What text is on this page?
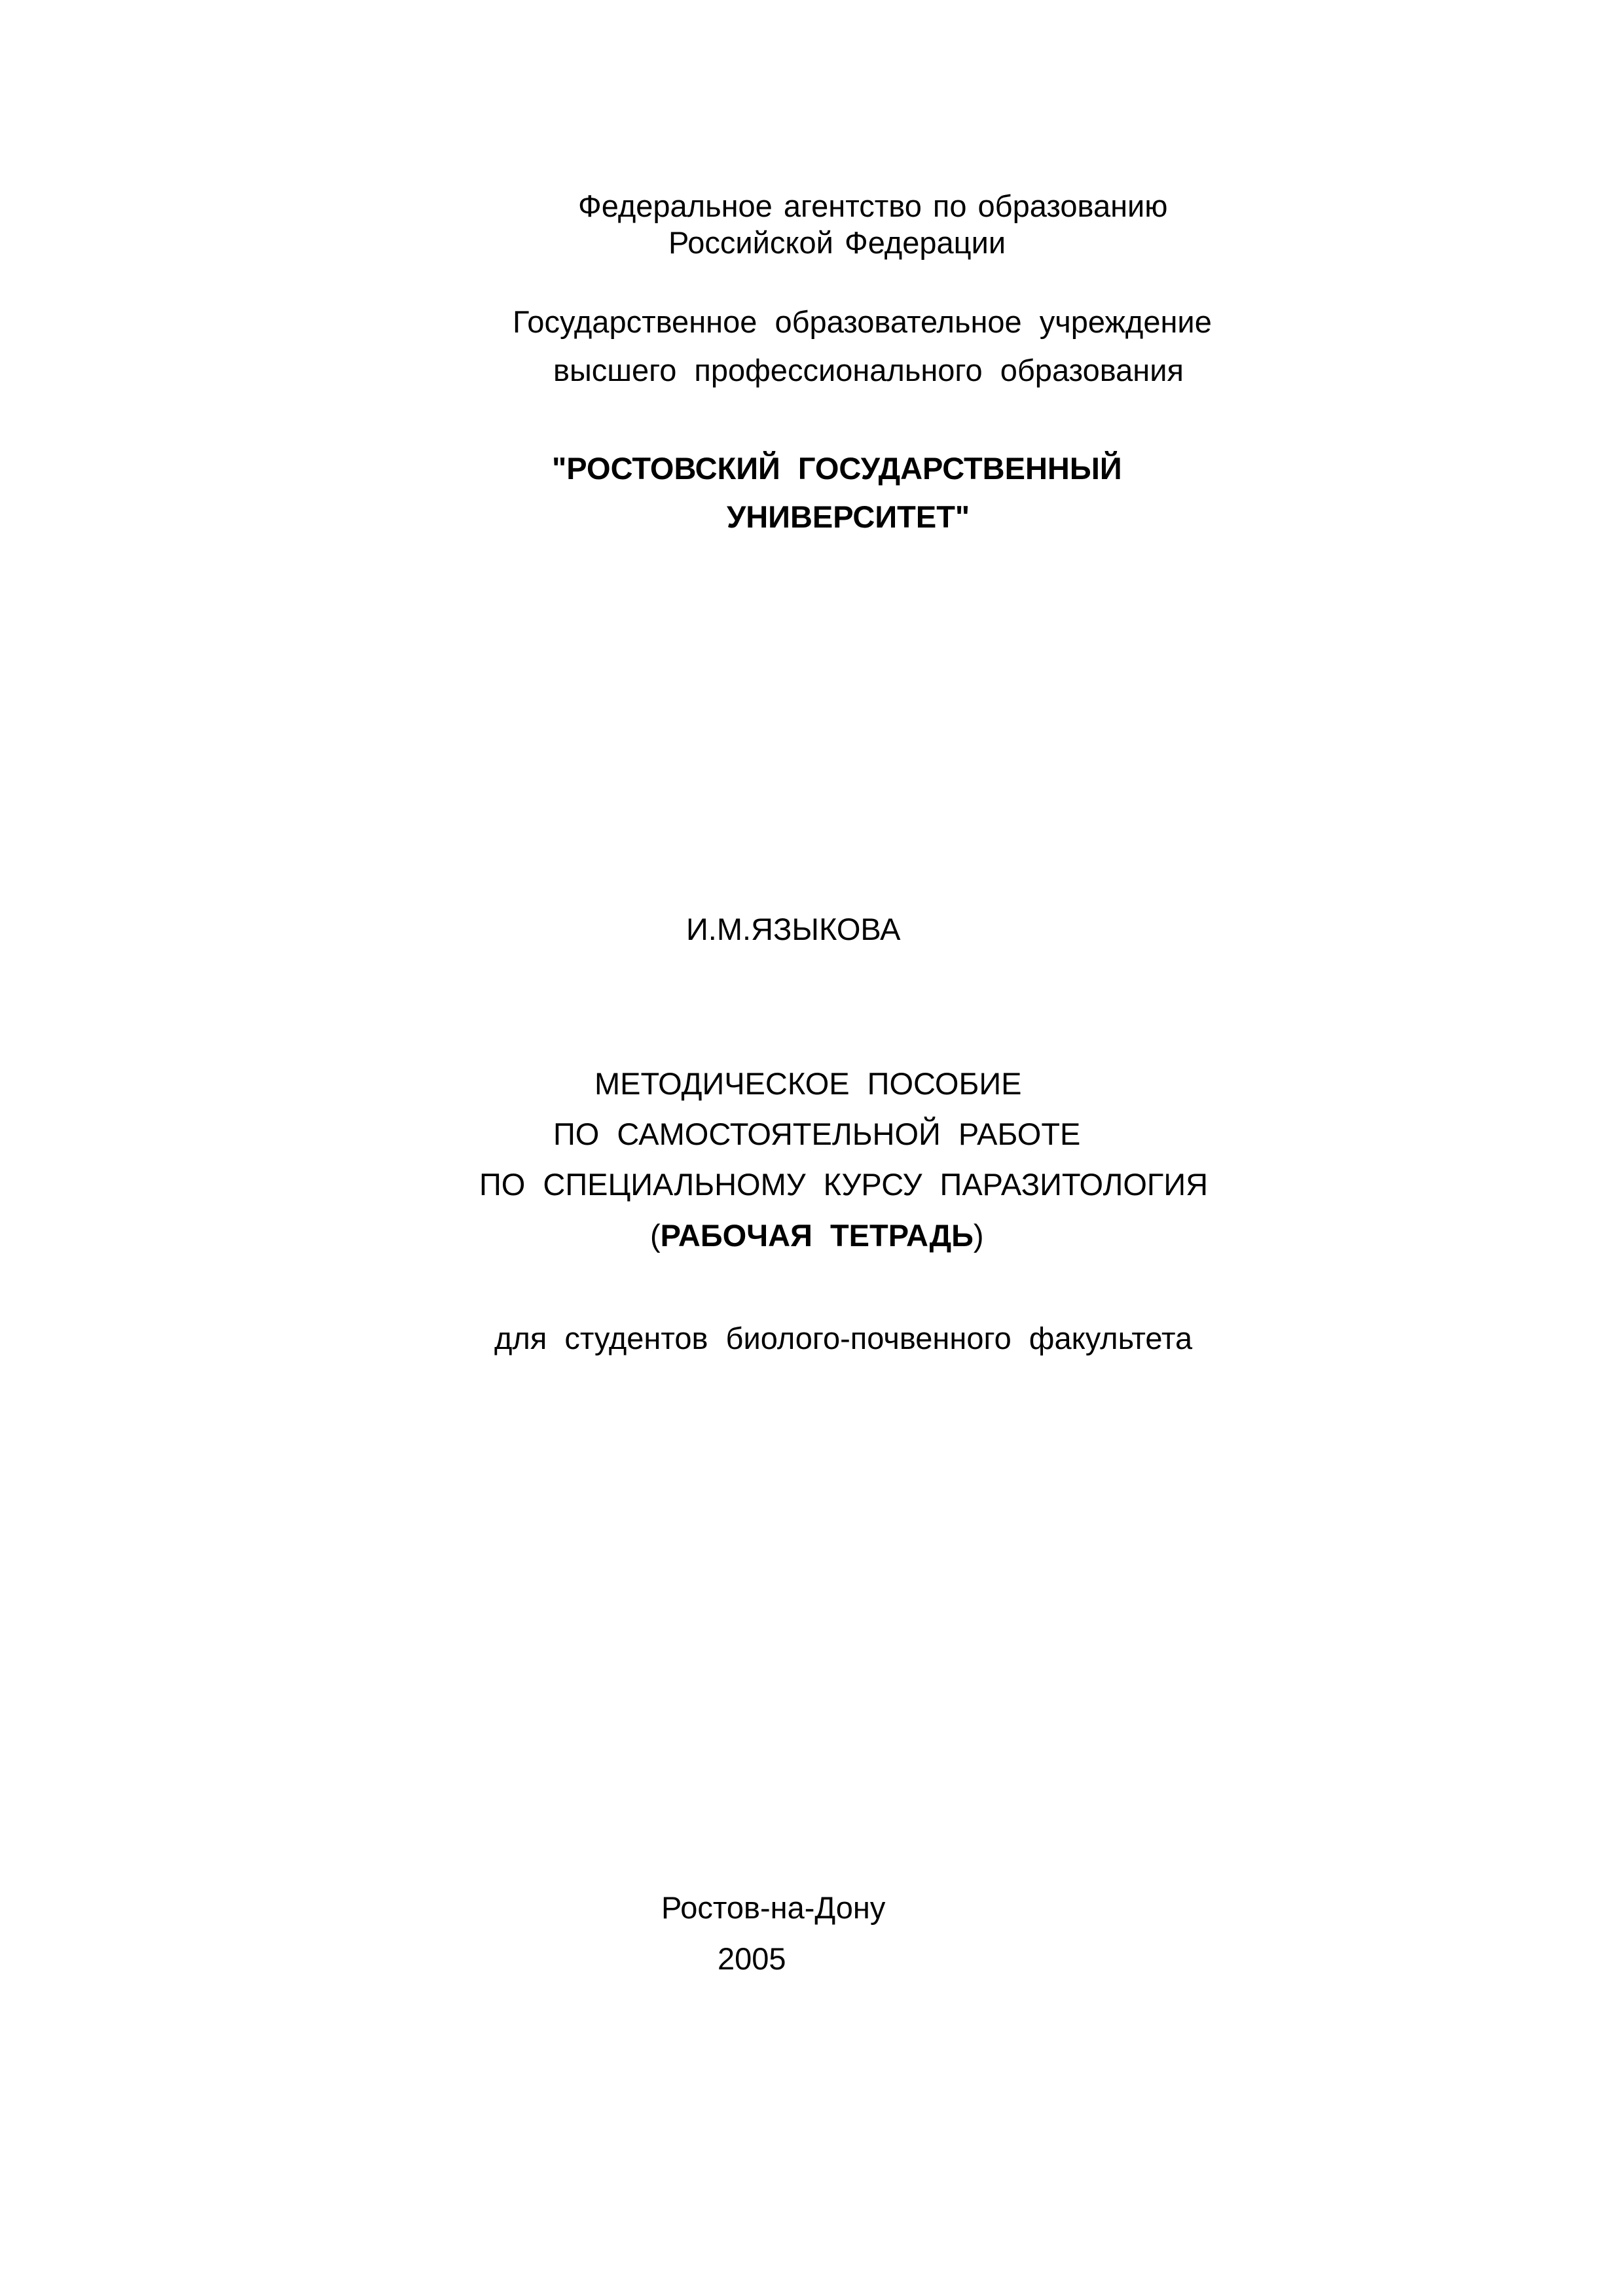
Федеральное агентство по образованию
Российской Федерации
Государственное образовательное учреждение
высшего профессионального образования
"РОСТОВСКИЙ ГОСУДАРСТВЕННЫЙ
УНИВЕРСИТЕТ"
И.М.ЯЗЫКОВА
МЕТОДИЧЕСКОЕ ПОСОБИЕ
ПО САМОСТОЯТЕЛЬНОЙ РАБОТЕ
ПО СПЕЦИАЛЬНОМУ КУРСУ ПАРАЗИТОЛОГИЯ
(РАБОЧАЯ ТЕТРАДЬ)
для студентов биолого-почвенного факультета
Ростов-на-Дону
2005
